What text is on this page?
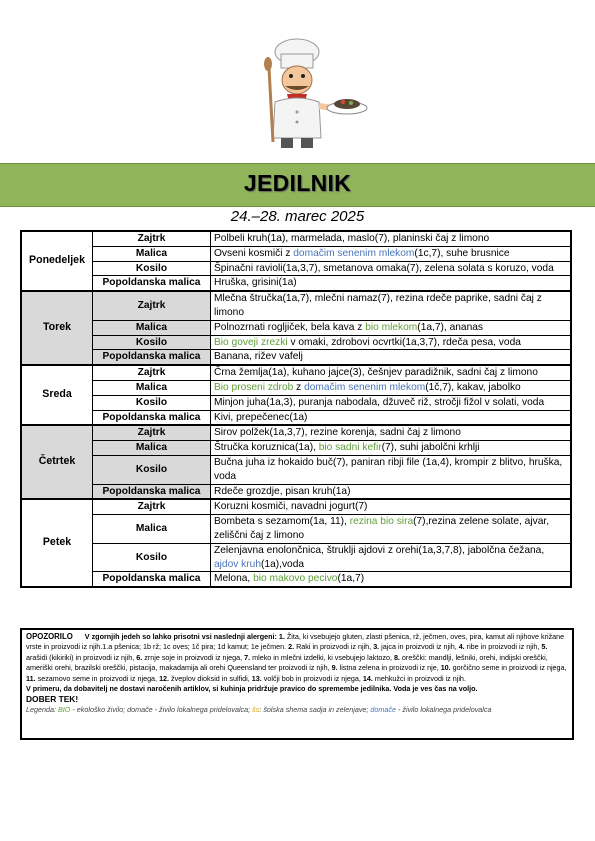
JEDILNIK
24.–28. marec 2025
Ponedeljek	Zajtrk	Polbeli kruh(1a), marmelada, maslo(7), planinski čaj z limono
	Malica	Ovseni kosmiči z domačim senenim mlekom(1c,7), suhe brusnice
	Kosilo	Špinačni ravioli(1a,3,7), smetanova omaka(7), zelena solata s koruzo, voda
	Popoldanska malica	Hruška, grisini(1a)
Torek	Zajtrk	Mlečna štručka(1a,7), mlečni namaz(7), rezina rdeče paprike, sadni čaj z limono
	Malica	Polnozrnati rogljiček, bela kava z bio mlekom(1a,7), ananas
	Kosilo	Bio goveji zrezki v omaki, zdrobovi ocvrtki(1a,3,7), rdeča pesa, voda
	Popoldanska malica	Banana, rižev vafelj
Sreda	Zajtrk	Črna žemlja(1a), kuhano jajce(3), češnjev paradižnik, sadni čaj z limono
	Malica	Bio proseni zdrob z domačim senenim mlekom(1č,7), kakav, jabolko
	Kosilo	Minjon juha(1a,3), puranja nabodala, džuveč riž, stročji fižol v solati, voda
	Popoldanska malica	Kivi, prepečenec(1a)
Četrtek	Zajtrk	Sirov polžek(1a,3,7), rezine korenja, sadni čaj z limono
	Malica	Štručka koruznica(1a), bio sadni kefir(7), suhi jabolčni krhlji
	Kosilo	Bučna juha iz hokaido buč(7), paniran ribji file (1a,4), krompir z blitvo, hruška, voda
	Popoldanska malica	Rdeče grozdje, pisan kruh(1a)
Petek	Zajtrk	Koruzni kosmiči, navadni jogurt(7)
	Malica	Bombeta s sezamom(1a, 11), rezina bio sira(7),rezina zelene solate, ajvar, zeliščni čaj z limono
	Kosilo	Zelenjavna enolončnica, štruklji ajdovi z orehi(1a,3,7,8), jabolčna čežana, ajdov kruh(1a),voda
	Popoldanska malica	Melona, bio makovo pecivo(1a,7)
OPOZORILO V zgornjih jedeh so lahko prisotni vsi naslednji alergeni: 1. Žita, ki vsebujejo gluten, zlasti pšenica, rž, ječmen, oves, pira, kamut ali njihove križane vrste in proizvodi iz njih.1.a pšenica; 1b rž; 1c oves; 1č pira; 1d kamut; 1e ječmen. 2. Raki in proizvodi iz njih, 3. jajca in proizvodi iz njih, 4. ribe in proizvodi iz njih, 5. arašidi (kikiriki) in proizvodi iz njih, 6. zrnje soje in proizvodi iz njega, 7. mleko in mlečni izdelki, ki vsebujejo laktozo, 8. oreščki: mandlji, lešniki, orehi, indijski oreščki, ameriški orehi, brazilski oreščki, pistacija, makadamija ali orehi Queensland ter proizvodi iz njih, 9. listna zelena in proizvodi iz nje, 10. gorčično seme in proizvodi iz njega, 11. sezamovo seme in proizvodi iz njega, 12. žveplov dioksid in sulfidi, 13. volčji bob in proizvodi iz njega, 14. mehkužci in proizvodi iz njih.
V primeru, da dobavitelj ne dostavi naročenih artiklov, si kuhinja pridržuje pravico do spremembe jedilnika. Voda je ves čas na voljo.
DOBER TEK!
Legenda: BIO - ekološko živilo; domače - živilo lokalnega pridelovalca; šs: šolska shema sadja in zelenjave; domače - živilo lokalnega pridelovalca
